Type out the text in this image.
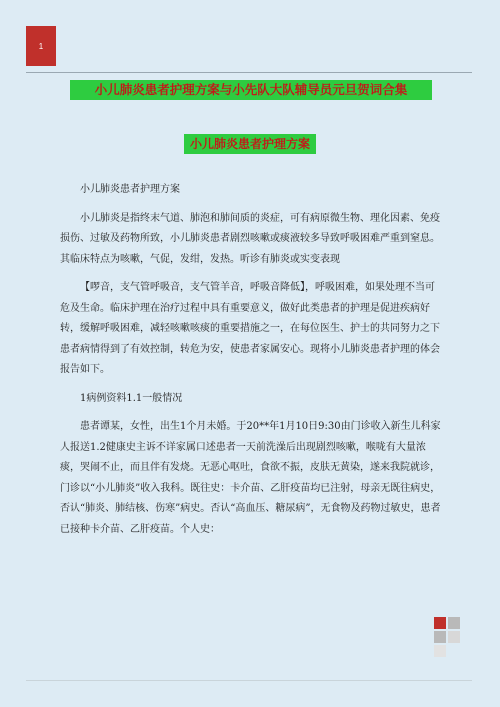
1
小儿肺炎患者护理方案与小先队大队辅导员元旦贺词合集
小儿肺炎患者护理方案

小儿肺炎患者护理方案

小儿肺炎是指终末气道、肺泡和肺间质的炎症，可有病原微生物、理化因素、免疫损伤、过敏及药物所致，小儿肺炎患者剧烈咳嗽或痰液较多导致呼吸困难严重到窒息。其临床特点为咳嗽，气促，发绀，发热。听诊有肺炎或实变表现

【啰音，支气管呼吸音，支气管羊音，呼吸音降低】，呼吸困难，如果处理不当可危及生命。临床护理在治疗过程中具有重要意义，做好此类患者的护理是促进疾病好转，缓解呼吸困难，减轻咳嗽咳痰的重要措施之一，在每位医生、护士的共同努力之下患者病情得到了有效控制，转危为安，使患者家属安心。现将小儿肺炎患者护理的体会报告如下。

1病例资料1.1一般情况

患者谭某，女性，出生1个月未婚。于20**年1月10日9:30由门诊收入新生儿科家人报送1.2健康史主诉不详家属口述患者一天前洗澡后出现剧烈咳嗽，喉咙有大量浓痰，哭闹不止，而且伴有发烧。无恶心呕吐，食欲不振，皮肤无黄染，遂来我院就诊，门诊以“小儿肺炎”收入我科。既往史：卡介苗、乙肝疫苗均已注射，母亲无既往病史，否认“肺炎、肺结核、伤寒”病史。否认“高血压、糖尿病”，无食物及药物过敏史，患者已接种卡介苗、乙肝疫苗。个人史：
